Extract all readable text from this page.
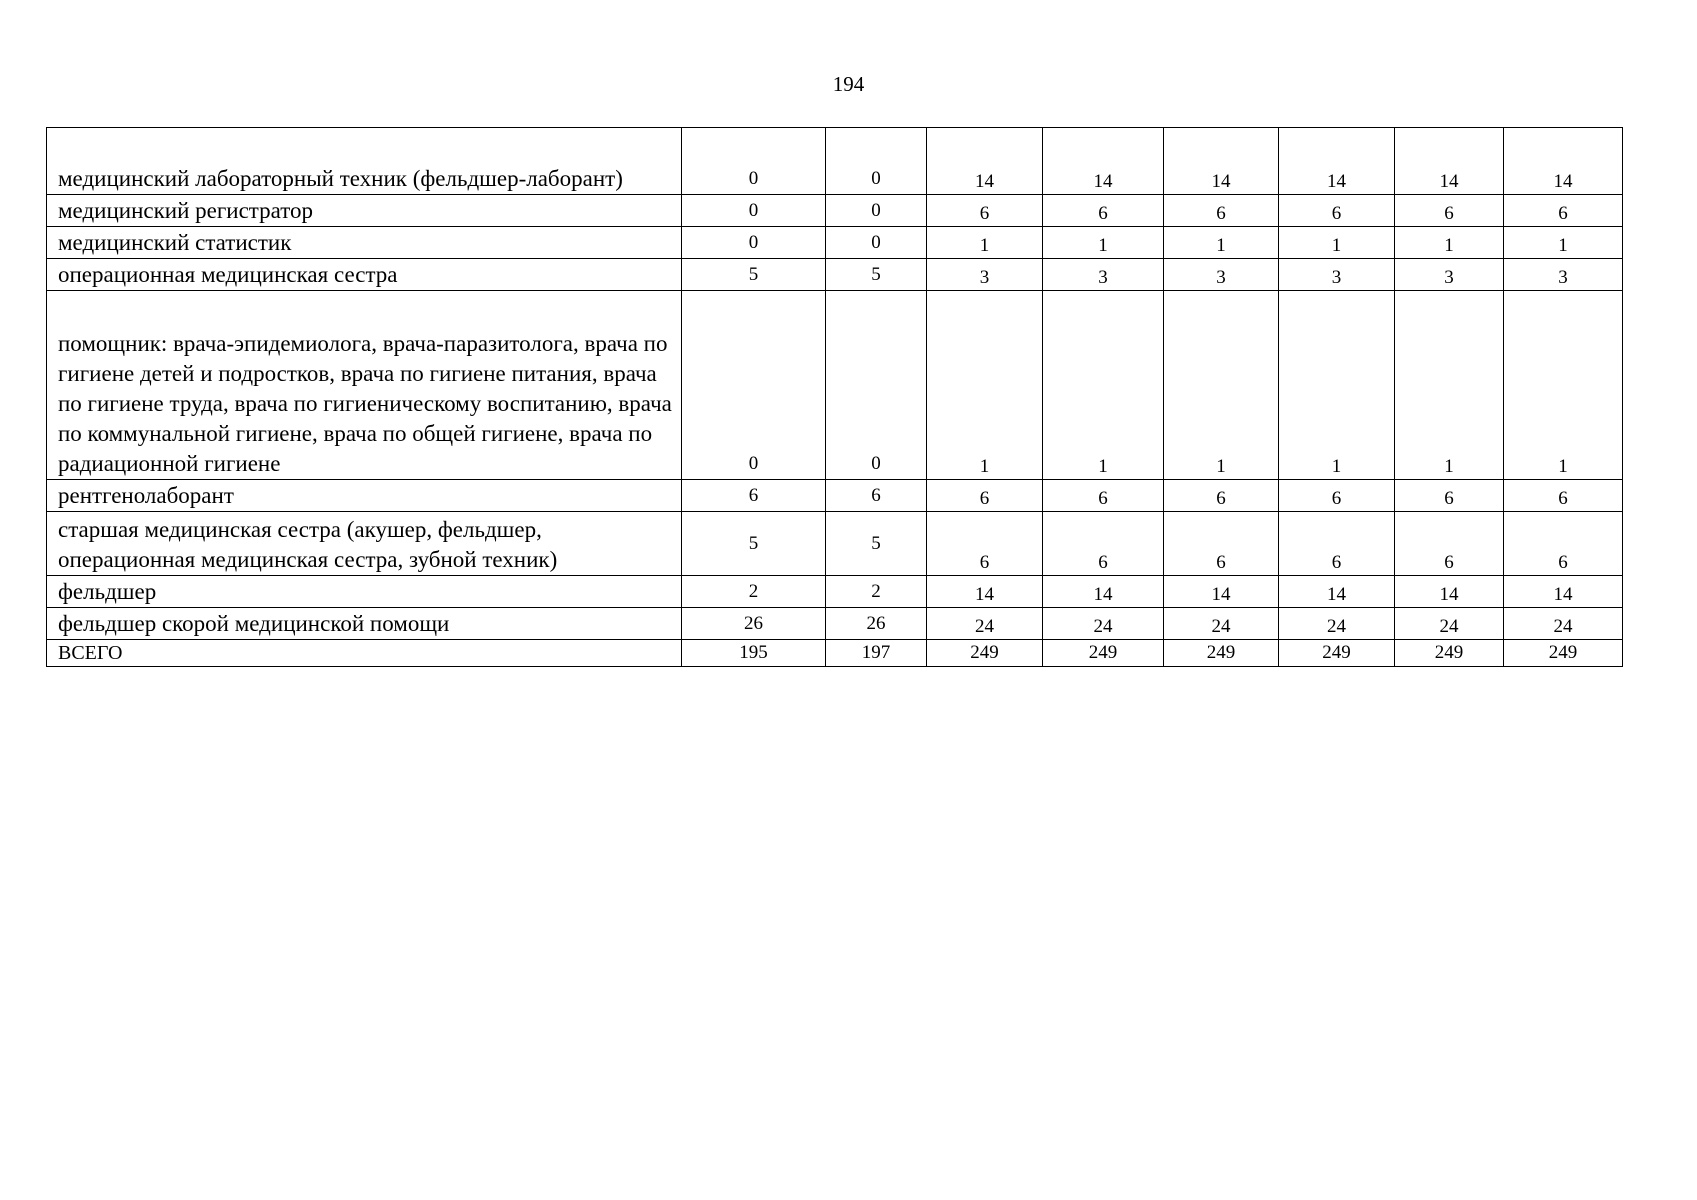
194
медицинский лабораторный техник (фельдшер-лаборант)	0	0	14	14	14	14	14	14
медицинский регистратор	0	0	6	6	6	6	6	6
медицинский статистик	0	0	1	1	1	1	1	1
операционная медицинская сестра	5	5	3	3	3	3	3	3
помощник: врача-эпидемиолога, врача-паразитолога, врача по гигиене детей и подростков, врача по гигиене питания, врача по гигиене труда, врача по гигиеническому воспитанию, врача по коммунальной гигиене, врача по общей гигиене, врача по радиационной гигиене	0	0	1	1	1	1	1	1
рентгенолаборант	6	6	6	6	6	6	6	6
старшая медицинская сестра (акушер, фельдшер, операционная медицинская сестра, зубной техник)	5	5	6	6	6	6	6	6
фельдшер	2	2	14	14	14	14	14	14
фельдшер скорой медицинской помощи	26	26	24	24	24	24	24	24
ВСЕГО	195	197	249	249	249	249	249	249
